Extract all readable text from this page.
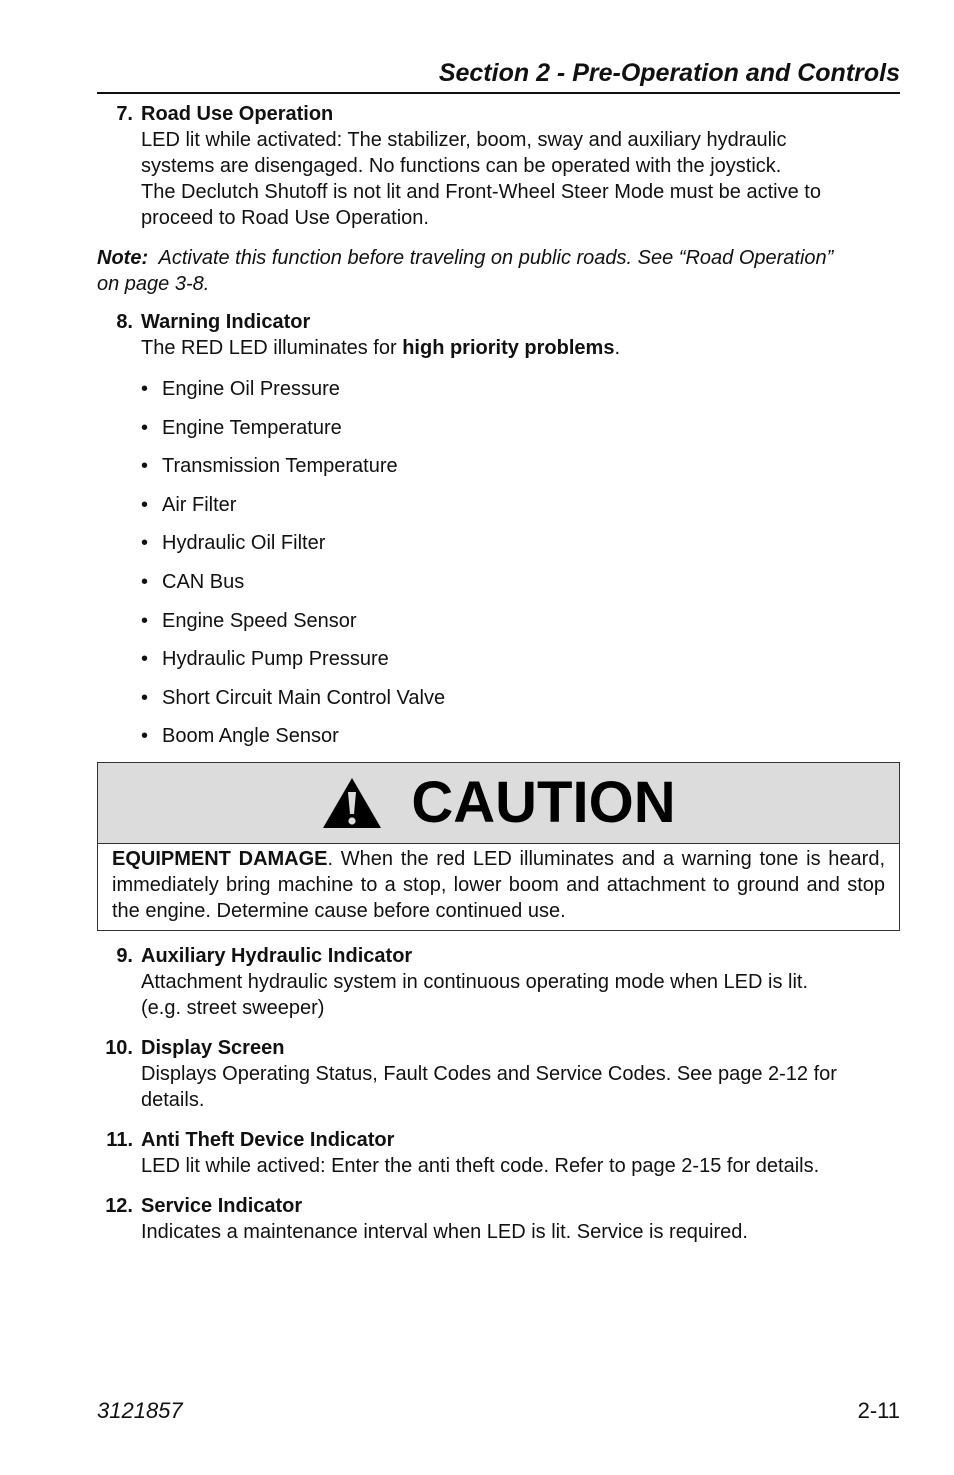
Section 2 - Pre-Operation and Controls
7. Road Use Operation
LED lit while activated: The stabilizer, boom, sway and auxiliary hydraulic
systems are disengaged. No functions can be operated with the joystick.
The Declutch Shutoff is not lit and Front-Wheel Steer Mode must be active to
proceed to Road Use Operation.
Note: Activate this function before traveling on public roads. See “Road Operation”
on page 3-8.
8. Warning Indicator
The RED LED illuminates for high priority problems.
• Engine Oil Pressure
• Engine Temperature
• Transmission Temperature
• Air Filter
• Hydraulic Oil Filter
• CAN Bus
• Engine Speed Sensor
• Hydraulic Pump Pressure
• Short Circuit Main Control Valve
• Boom Angle Sensor
CAUTION
EQUIPMENT DAMAGE. When the red LED illuminates and a warning tone is heard, immediately bring machine to a stop, lower boom and attachment to ground and stop the engine. Determine cause before continued use.
9. Auxiliary Hydraulic Indicator
Attachment hydraulic system in continuous operating mode when LED is lit.
(e.g. street sweeper)
10. Display Screen
Displays Operating Status, Fault Codes and Service Codes. See page 2-12 for
details.
11. Anti Theft Device Indicator
LED lit while actived: Enter the anti theft code. Refer to page 2-15 for details.
12. Service Indicator
Indicates a maintenance interval when LED is lit. Service is required.
3121857	2-11
